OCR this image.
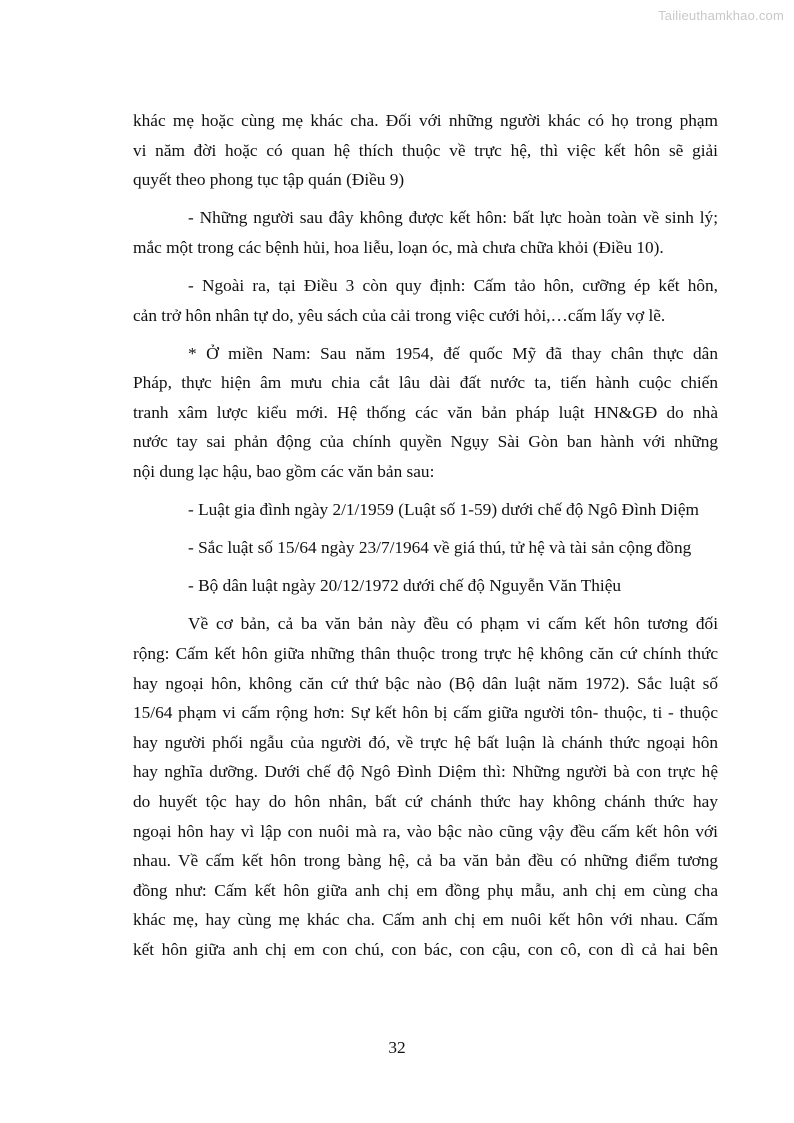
Tailieuthamkhao.com
khác mẹ hoặc cùng mẹ khác cha. Đối với những người khác có họ trong phạm
vi năm đời hoặc có quan hệ thích thuộc về trực hệ, thì việc kết hôn sẽ giải
quyết theo phong tục tập quán (Điều 9)
- Những người sau đây không được kết hôn: bất lực hoàn toàn về sinh lý;
mắc một trong các bệnh hủi, hoa liễu, loạn óc, mà chưa chữa khỏi (Điều 10).
- Ngoài ra, tại Điều 3 còn quy định: Cấm tảo hôn, cưỡng ép kết hôn,
cản trở hôn nhân tự do, yêu sách của cải trong việc cưới hỏi,…cấm lấy vợ lẽ.
* Ở miền Nam: Sau năm 1954, đế quốc Mỹ đã thay chân thực dân
Pháp, thực hiện âm mưu chia cắt lâu dài đất nước ta, tiến hành cuộc chiến
tranh xâm lược kiểu mới. Hệ thống các văn bản pháp luật HN&GĐ do nhà
nước tay sai phản động của chính quyền Ngụy Sài Gòn ban hành với những
nội dung lạc hậu, bao gồm các văn bản sau:
- Luật gia đình ngày 2/1/1959 (Luật số 1-59) dưới chế độ Ngô Đình Diệm
- Sắc luật số 15/64 ngày 23/7/1964 về giá thú, tử hệ và tài sản cộng đồng
- Bộ dân luật ngày 20/12/1972 dưới chế độ Nguyễn Văn Thiệu
Về cơ bản, cả ba văn bản này đều có phạm vi cấm kết hôn tương đối
rộng: Cấm kết hôn giữa những thân thuộc trong trực hệ không căn cứ chính thức
hay ngoại hôn, không căn cứ thứ bậc nào (Bộ dân luật năm 1972). Sắc luật số
15/64 phạm vi cấm rộng hơn: Sự kết hôn bị cấm giữa người tôn- thuộc, ti - thuộc
hay người phối ngẫu của người đó, về trực hệ bất luận là chánh thức ngoại hôn
hay nghĩa dưỡng. Dưới chế độ Ngô Đình Diệm thì: Những người bà con trực hệ
do huyết tộc hay do hôn nhân, bất cứ chánh thức hay không chánh thức hay
ngoại hôn hay vì lập con nuôi mà ra, vào bậc nào cũng vậy đều cấm kết hôn với
nhau. Về cấm kết hôn trong bàng hệ, cả ba văn bản đều có những điểm tương
đồng như: Cấm kết hôn giữa anh chị em đồng phụ mẫu, anh chị em cùng cha
khác mẹ, hay cùng mẹ khác cha. Cấm anh chị em nuôi kết hôn với nhau. Cấm
kết hôn giữa anh chị em con chú, con bác, con cậu, con cô, con dì cả hai bên
32
